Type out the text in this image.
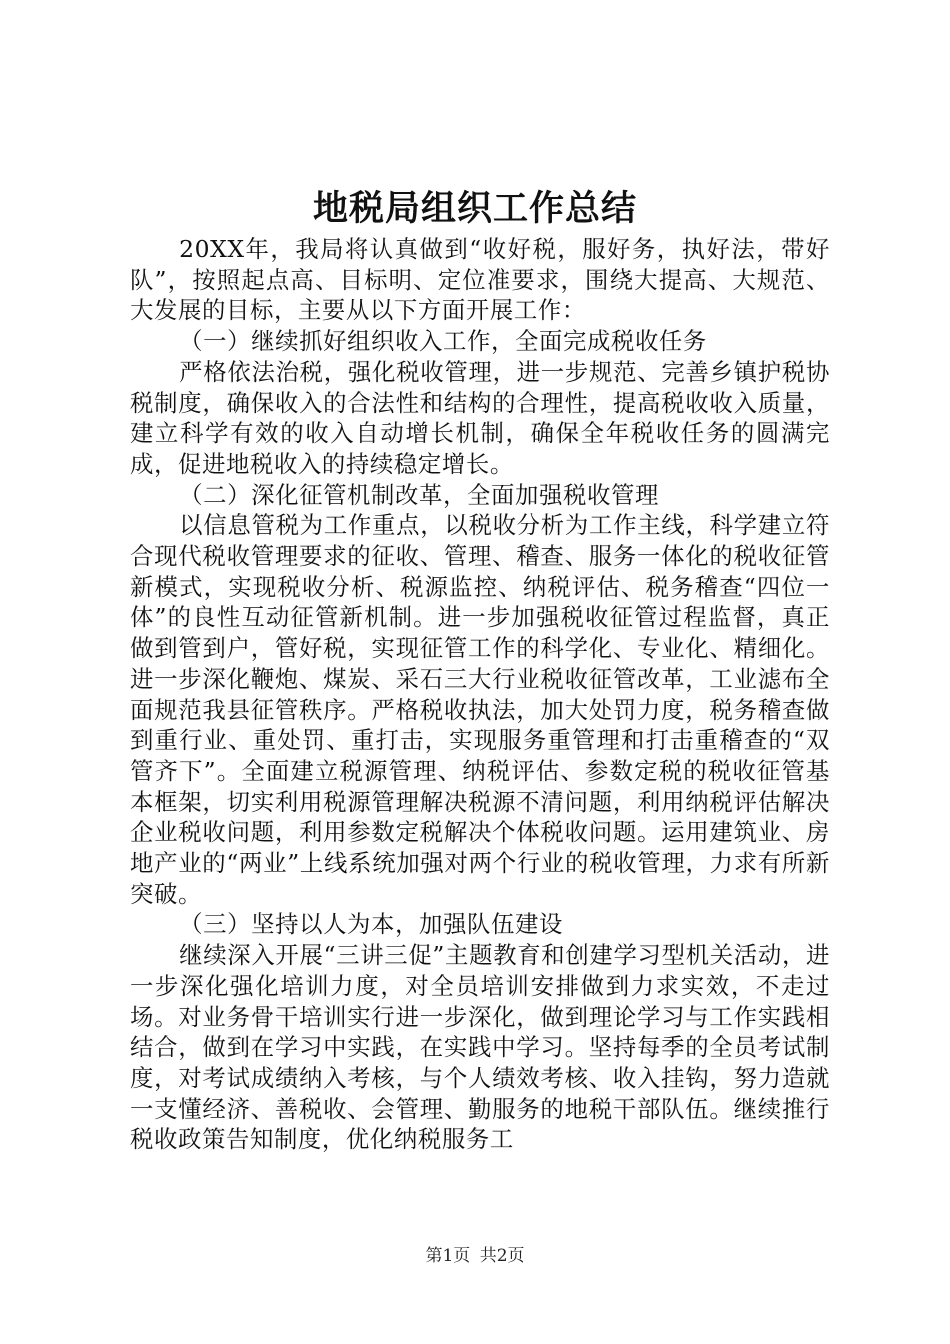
地税局组织工作总结

20XX年，我局将认真做到“收好税，服好务，执好法，带好队”，按照起点高、目标明、定位准要求，围绕大提高、大规范、大发展的目标，主要从以下方面开展工作：

（一）继续抓好组织收入工作，全面完成税收任务

严格依法治税，强化税收管理，进一步规范、完善乡镇护税协税制度，确保收入的合法性和结构的合理性，提高税收收入质量，建立科学有效的收入自动增长机制，确保全年税收任务的圆满完成，促进地税收入的持续稳定增长。

（二）深化征管机制改革，全面加强税收管理

以信息管税为工作重点，以税收分析为工作主线，科学建立符合现代税收管理要求的征收、管理、稽查、服务一体化的税收征管新模式，实现税收分析、税源监控、纳税评估、税务稽查“四位一体”的良性互动征管新机制。进一步加强税收征管过程监督，真正做到管到户，管好税，实现征管工作的科学化、专业化、精细化。进一步深化鞭炮、煤炭、采石三大行业税收征管改革，工业滤布全面规范我县征管秩序。严格税收执法，加大处罚力度，税务稽查做到重行业、重处罚、重打击，实现服务重管理和打击重稽查的“双管齐下”。全面建立税源管理、纳税评估、参数定税的税收征管基本框架，切实利用税源管理解决税源不清问题，利用纳税评估解决企业税收问题，利用参数定税解决个体税收问题。运用建筑业、房地产业的“两业”上线系统加强对两个行业的税收管理，力求有所新突破。

（三）坚持以人为本，加强队伍建设

继续深入开展“三讲三促”主题教育和创建学习型机关活动，进一步深化强化培训力度，对全员培训安排做到力求实效，不走过场。对业务骨干培训实行进一步深化，做到理论学习与工作实践相结合，做到在学习中实践，在实践中学习。坚持每季的全员考试制度，对考试成绩纳入考核，与个人绩效考核、收入挂钩，努力造就一支懂经济、善税收、会管理、勤服务的地税干部队伍。继续推行税收政策告知制度，优化纳税服务工

第1页 共2页
